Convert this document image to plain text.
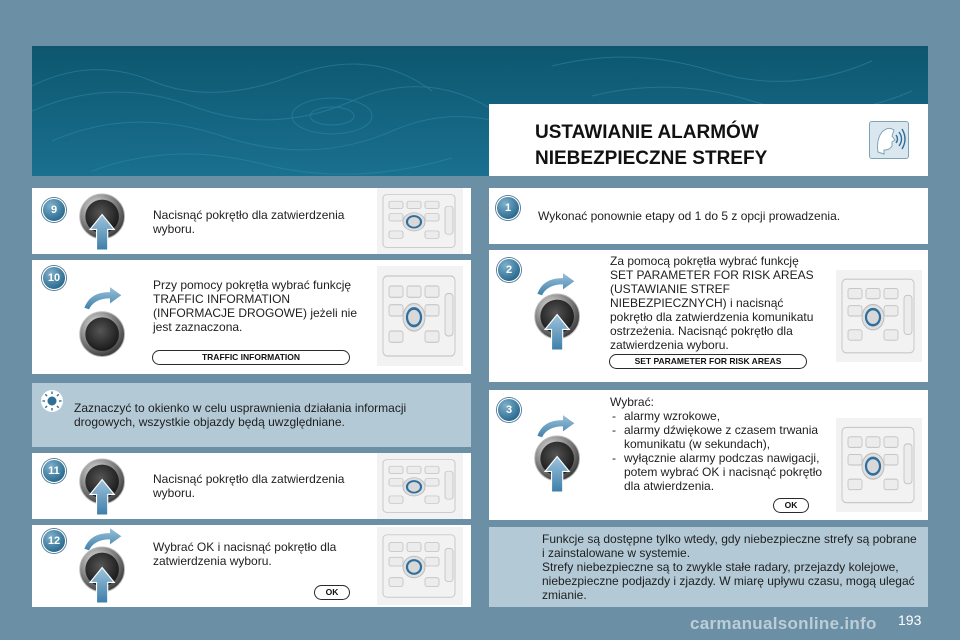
USTAWIANIE ALARMÓW
NIEBEZPIECZNE STREFY
9	Nacisnąć pokrętło dla zatwierdzenia wyboru.
10	Przy pomocy pokrętła wybrać funkcję TRAFFIC INFORMATION (INFORMACJE DROGOWE) jeżeli nie jest zaznaczona.
TRAFFIC INFORMATION
Zaznaczyć to okienko w celu usprawnienia działania informacji drogowych, wszystkie objazdy będą uwzględniane.
11
Nacisnąć pokrętło dla zatwierdzenia wyboru.
12	Wybrać OK i nacisnąć pokrętło dla zatwierdzenia wyboru.
OK
1
Wykonać ponownie etapy od 1 do 5 z opcji prowadzenia.
2
Za pomocą pokrętła wybrać funkcję SET PARAMETER FOR RISK AREAS (USTAWIANIE STREF NIEBEZPIECZNYCH) i nacisnąć pokrętło dla zatwierdzenia komunikatu ostrzeżenia. Nacisnąć pokrętło dla zatwierdzenia wyboru.
SET PARAMETER FOR RISK AREAS
3

Wybrać:

- alarmy wzrokowe,
- alarmy dźwiękowe z czasem trwania komunikatu (w sekundach),
- wyłącznie alarmy podczas nawigacji, potem wybrać OK i nacisnąć pokrętło dla atwierdzenia.
OK

Funkcje są dostępne tylko wtedy, gdy niebezpieczne strefy są pobrane i zainstalowane w systemie.

Strefy niebezpieczne są to zwykle stałe radary, przejazdy kolejowe, niebezpieczne podjazdy i zjazdy. W miarę upływu czasu, mogą ulegać zmianie.

carmanualsonline.info 193
